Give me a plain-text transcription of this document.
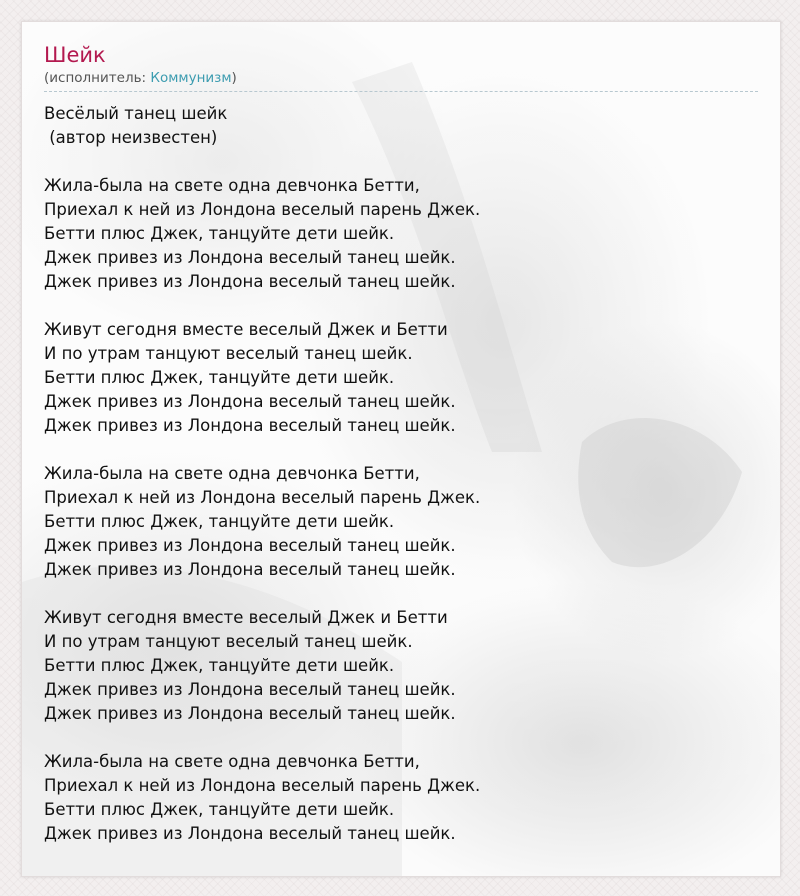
Шейк
(исполнитель: Коммунизм)
Весёлый танец шейк
(автор неизвестен)
Жила-была на свете одна девчонка Бетти,
Приехал к ней из Лондона веселый парень Джек.
Бетти плюс Джек, танцуйте дети шейк.
Джек привез из Лондона веселый танец шейк.
Джек привез из Лондона веселый танец шейк.
Живут сегодня вместе веселый Джек и Бетти
И по утрам танцуют веселый танец шейк.
Бетти плюс Джек, танцуйте дети шейк.
Джек привез из Лондона веселый танец шейк.
Джек привез из Лондона веселый танец шейк.
Жила-была на свете одна девчонка Бетти,
Приехал к ней из Лондона веселый парень Джек.
Бетти плюс Джек, танцуйте дети шейк.
Джек привез из Лондона веселый танец шейк.
Джек привез из Лондона веселый танец шейк.
Живут сегодня вместе веселый Джек и Бетти
И по утрам танцуют веселый танец шейк.
Бетти плюс Джек, танцуйте дети шейк.
Джек привез из Лондона веселый танец шейк.
Джек привез из Лондона веселый танец шейк.
Жила-была на свете одна девчонка Бетти,
Приехал к ней из Лондона веселый парень Джек.
Бетти плюс Джек, танцуйте дети шейк.
Джек привез из Лондона веселый танец шейк.
